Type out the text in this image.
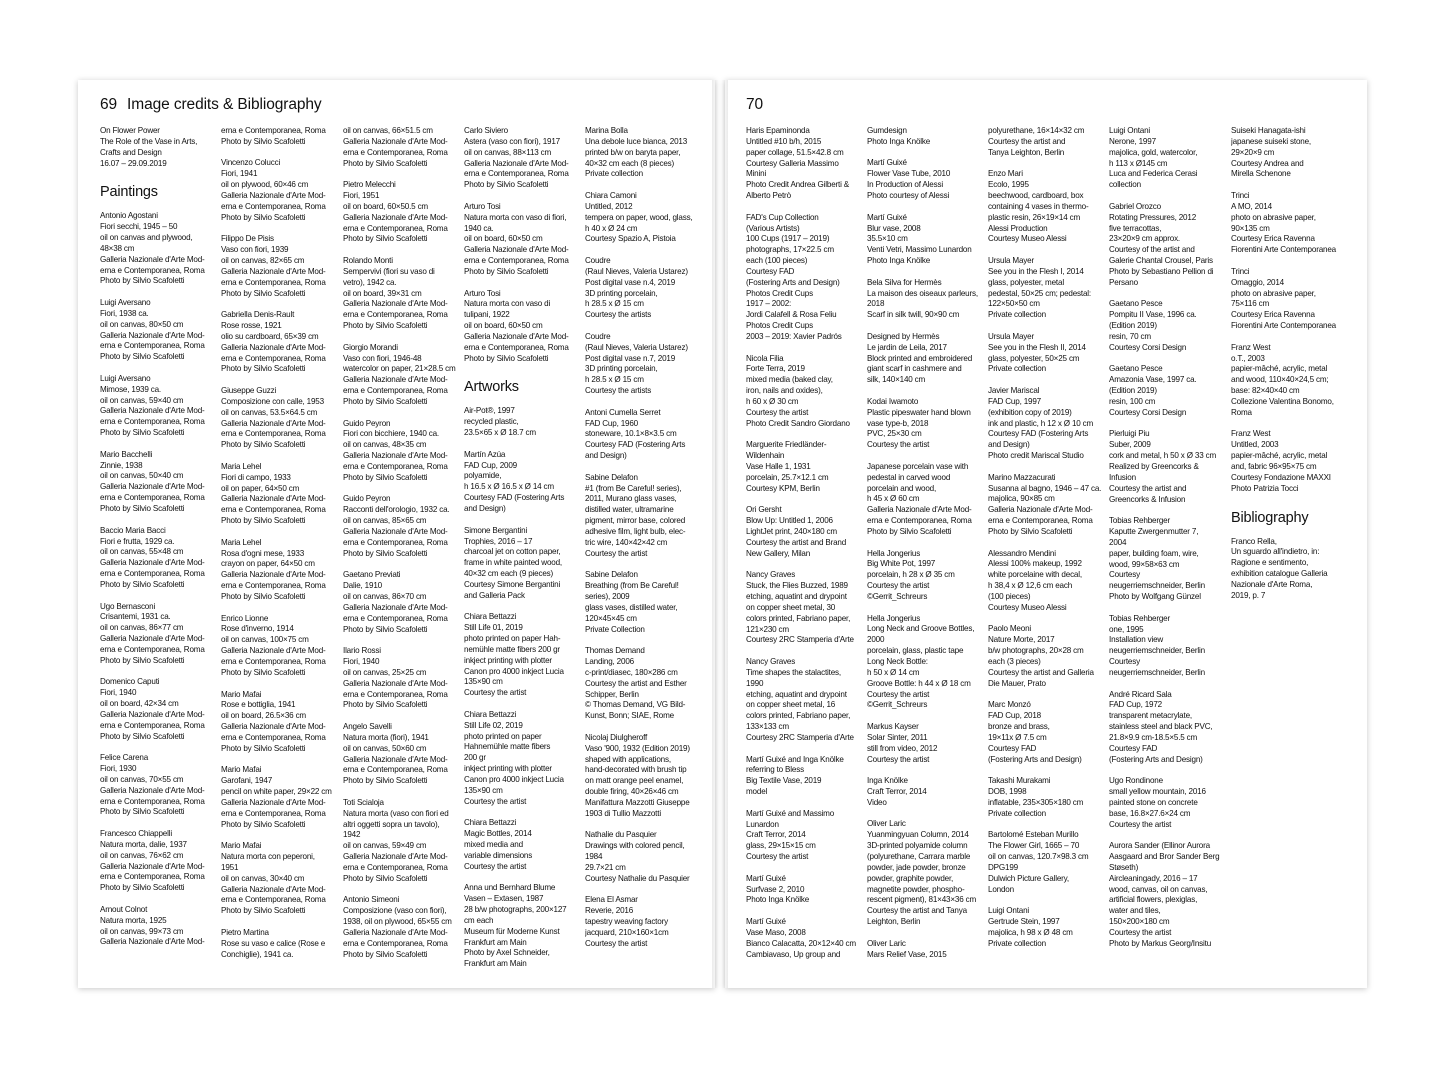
69 Image credits & Bibliography	70
On Flower Power
The Role of the Vase in Arts,
Crafts and Design
16.07 – 29.09.2019
Paintings
Antonio Agostani
Fiori secchi, 1945 – 50
oil on canvas and plywood,
48×38 cm
Galleria Nazionale d'Arte Mod-
erna e Contemporanea, Roma
Photo by Silvio Scafoletti
Luigi Aversano
Fiori, 1938 ca.
oil on canvas, 80×50 cm
Galleria Nazionale d'Arte Mod-
erna e Contemporanea, Roma
Photo by Silvio Scafoletti
Luigi Aversano
Mimose, 1939 ca.
oil on canvas, 59×40 cm
Galleria Nazionale d'Arte Mod-
erna e Contemporanea, Roma
Photo by Silvio Scafoletti
Mario Bacchelli
Zinnie, 1938
oil on canvas, 50×40 cm
Galleria Nazionale d'Arte Mod-
erna e Contemporanea, Roma
Photo by Silvio Scafoletti
Baccio Maria Bacci
Fiori e frutta, 1929 ca.
oil on canvas, 55×48 cm
Galleria Nazionale d'Arte Mod-
erna e Contemporanea, Roma
Photo by Silvio Scafoletti
Ugo Bernasconi
Crisantemi, 1931 ca.
oil on canvas, 86×77 cm
Galleria Nazionale d'Arte Mod-
erna e Contemporanea, Roma
Photo by Silvio Scafoletti
Domenico Caputi
Fiori, 1940
oil on board, 42×34 cm
Galleria Nazionale d'Arte Mod-
erna e Contemporanea, Roma
Photo by Silvio Scafoletti
Felice Carena
Fiori, 1930
oil on canvas, 70×55 cm
Galleria Nazionale d'Arte Mod-
erna e Contemporanea, Roma
Photo by Silvio Scafoletti
Francesco Chiappelli
Natura morta, dalie, 1937
oil on canvas, 76×62 cm
Galleria Nazionale d'Arte Mod-
erna e Contemporanea, Roma
Photo by Silvio Scafoletti
Arnout Colnot
Natura morta, 1925
oil on canvas, 99×73 cm
Galleria Nazionale d'Arte Mod-
erna e Contemporanea, Roma
Photo by Silvio Scafoletti
Vincenzo Colucci
Fiori, 1941
oil on plywood, 60×46 cm
Galleria Nazionale d'Arte Mod-
erna e Contemporanea, Roma
Photo by Silvio Scafoletti
Filippo De Pisis
Vaso con fiori, 1939
oil on canvas, 82×65 cm
Galleria Nazionale d'Arte Mod-
erna e Contemporanea, Roma
Photo by Silvio Scafoletti
Gabriella Denis-Rault
Rose rosse, 1921
olio su cardboard, 65×39 cm
Galleria Nazionale d'Arte Mod-
erna e Contemporanea, Roma
Photo by Silvio Scafoletti
Giuseppe Guzzi
Composizione con calle, 1953
oil on canvas, 53.5×64.5 cm
Galleria Nazionale d'Arte Mod-
erna e Contemporanea, Roma
Photo by Silvio Scafoletti
Maria Lehel
Fiori di campo, 1933
oil on paper, 64×50 cm
Galleria Nazionale d'Arte Mod-
erna e Contemporanea, Roma
Photo by Silvio Scafoletti
Maria Lehel
Rosa d'ogni mese, 1933
crayon on paper, 64×50 cm
Galleria Nazionale d'Arte Mod-
erna e Contemporanea, Roma
Photo by Silvio Scafoletti
Enrico Lionne
Rose d'inverno, 1914
oil on canvas, 100×75 cm
Galleria Nazionale d'Arte Mod-
erna e Contemporanea, Roma
Photo by Silvio Scafoletti
Mario Mafai
Rose e bottiglia, 1941
oil on board, 26.5×36 cm
Galleria Nazionale d'Arte Mod-
erna e Contemporanea, Roma
Photo by Silvio Scafoletti
Mario Mafai
Garofani, 1947
pencil on white paper, 29×22 cm
Galleria Nazionale d'Arte Mod-
erna e Contemporanea, Roma
Photo by Silvio Scafoletti
Mario Mafai
Natura morta con peperoni,
1951
oil on canvas, 30×40 cm
Galleria Nazionale d'Arte Mod-
erna e Contemporanea, Roma
Photo by Silvio Scafoletti
Pietro Martina
Rose su vaso e calice (Rose e
Conchiglie), 1941 ca.
oil on canvas, 66×51.5 cm
Galleria Nazionale d'Arte Mod-
erna e Contemporanea, Roma
Photo by Silvio Scafoletti
Pietro Melecchi
Fiori, 1951
oil on board, 60×50.5 cm
Galleria Nazionale d'Arte Mod-
erna e Contemporanea, Roma
Photo by Silvio Scafoletti
Rolando Monti
Sempervivi (fiori su vaso di
vetro), 1942 ca.
oil on board, 39×31 cm
Galleria Nazionale d'Arte Mod-
erna e Contemporanea, Roma
Photo by Silvio Scafoletti
Giorgio Morandi
Vaso con fiori, 1946-48
watercolor on paper, 21×28.5 cm
Galleria Nazionale d'Arte Mod-
erna e Contemporanea, Roma
Photo by Silvio Scafoletti
Guido Peyron
Fiori con bicchiere, 1940 ca.
oil on canvas, 48×35 cm
Galleria Nazionale d'Arte Mod-
erna e Contemporanea, Roma
Photo by Silvio Scafoletti
Guido Peyron
Racconti dell'orologio, 1932 ca.
oil on canvas, 85×65 cm
Galleria Nazionale d'Arte Mod-
erna e Contemporanea, Roma
Photo by Silvio Scafoletti
Gaetano Previati
Dalie, 1910
oil on canvas, 86×70 cm
Galleria Nazionale d'Arte Mod-
erna e Contemporanea, Roma
Photo by Silvio Scafoletti
Ilario Rossi
Fiori, 1940
oil on canvas, 25×25 cm
Galleria Nazionale d'Arte Mod-
erna e Contemporanea, Roma
Photo by Silvio Scafoletti
Angelo Savelli
Natura morta (fiori), 1941
oil on canvas, 50×60 cm
Galleria Nazionale d'Arte Mod-
erna e Contemporanea, Roma
Photo by Silvio Scafoletti
Toti Scialoja
Natura morta (vaso con fiori ed
altri oggetti sopra un tavolo),
1942
oil on canvas, 59×49 cm
Galleria Nazionale d'Arte Mod-
erna e Contemporanea, Roma
Photo by Silvio Scafoletti
Antonio Simeoni
Composizione (vaso con fiori),
1938, oil on plywood, 65×55 cm
Galleria Nazionale d'Arte Mod-
erna e Contemporanea, Roma
Photo by Silvio Scafoletti
Carlo Siviero
Astera (vaso con fiori), 1917
oil on canvas, 88×113 cm
Galleria Nazionale d'Arte Mod-
erna e Contemporanea, Roma
Photo by Silvio Scafoletti
Arturo Tosi
Natura morta con vaso di fiori,
1940 ca.
oil on board, 60×50 cm
Galleria Nazionale d'Arte Mod-
erna e Contemporanea, Roma
Photo by Silvio Scafoletti
Arturo Tosi
Natura morta con vaso di
tulipani, 1922
oil on board, 60×50 cm
Galleria Nazionale d'Arte Mod-
erna e Contemporanea, Roma
Photo by Silvio Scafoletti
Artworks
Air-Pot®, 1997
recycled plastic,
23.5×65 x Ø 18.7 cm
Martín Azúa
FAD Cup, 2009
polyamide,
h 16.5 x Ø 16.5 x Ø 14 cm
Courtesy FAD (Fostering Arts
and Design)
Simone Bergantini
Trophies, 2016 – 17
charcoal jet on cotton paper,
frame in white painted wood,
40×32 cm each (9 pieces)
Courtesy Simone Bergantini
and Galleria Pack
Chiara Bettazzi
Still Life 01, 2019
photo printed on paper Hah-
nemühle matte fibers 200 gr
inkject printing with plotter
Canon pro 4000 inkject Lucia
135×90 cm
Courtesy the artist
Chiara Bettazzi
Still Life 02, 2019
photo printed on paper
Hahnemühle matte fibers
200 gr
inkject printing with plotter
Canon pro 4000 inkject Lucia
135×90 cm
Courtesy the artist
Chiara Bettazzi
Magic Bottles, 2014
mixed media and
variable dimensions
Courtesy the artist
Anna und Bernhard Blume
Vasen – Extasen, 1987
28 b/w photographs, 200×127
cm each
Museum für Moderne Kunst
Frankfurt am Main
Photo by Axel Schneider,
Frankfurt am Main
Marina Bolla
Una debole luce bianca, 2013
printed b/w on baryta paper,
40×32 cm each (8 pieces)
Private collection
Chiara Camoni
Untitled, 2012
tempera on paper, wood, glass,
h 40 x Ø 24 cm
Courtesy Spazio A, Pistoia
Coudre
(Raul Nieves, Valeria Ustarez)
Post digital vase n.4, 2019
3D printing porcelain,
h 28.5 x Ø 15 cm
Courtesy the artists
Coudre
(Raul Nieves, Valeria Ustarez)
Post digital vase n.7, 2019
3D printing porcelain,
h 28.5 x Ø 15 cm
Courtesy the artists
Antoni Cumella Serret
FAD Cup, 1960
stoneware, 10.1×8×3.5 cm
Courtesy FAD (Fostering Arts
and Design)
Sabine Delafon
#1 (from Be Careful! series),
2011, Murano glass vases,
distilled water, ultramarine
pigment, mirror base, colored
adhesive film, light bulb, elec-
tric wire, 140×42×42 cm
Courtesy the artist
Sabine Delafon
Breathing (from Be Careful!
series), 2009
glass vases, distilled water,
120×45×45 cm
Private Collection
Thomas Demand
Landing, 2006
c-print/diasec, 180×286 cm
Courtesy the artist and Esther
Schipper, Berlin
© Thomas Demand, VG Bild-
Kunst, Bonn; SIAE, Rome
Nicolaj Diulgheroff
Vaso '900, 1932 (Edition 2019)
shaped with applications,
hand-decorated with brush tip
on matt orange peel enamel,
double firing, 40×26×46 cm
Manifattura Mazzotti Giuseppe
1903 di Tullio Mazzotti
Nathalie du Pasquier
Drawings with colored pencil,
1984
29.7×21 cm
Courtesy Nathalie du Pasquier
Elena El Asmar
Reverie, 2016
tapestry weaving factory
jacquard, 210×160×1cm
Courtesy the artist
Haris Epaminonda
Untitled #10 b/h, 2015
paper collage, 51.5×42.8 cm
Courtesy Galleria Massimo
Minini
Photo Credit Andrea Gilberti &
Alberto Petrò
FAD's Cup Collection
(Various Artists)
100 Cups (1917 – 2019)
photographs, 17×22.5 cm
each (100 pieces)
Courtesy FAD
(Fostering Arts and Design)
Photos Credit Cups
1917 – 2002:
Jordi Calafell & Rosa Feliu
Photos Credit Cups
2003 – 2019: Xavier Padrós
Nicola Filia
Forte Terra, 2019
mixed media (baked clay,
iron, nails and oxides),
h 60 x Ø 30 cm
Courtesy the artist
Photo Credit Sandro Giordano
Marguerite Friedländer-
Wildenhain
Vase Halle 1, 1931
porcelain, 25.7×12.1 cm
Courtesy KPM, Berlin
Ori Gersht
Blow Up: Untitled 1, 2006
LightJet print, 240×180 cm
Courtesy the artist and Brand
New Gallery, Milan
Nancy Graves
Stuck, the Flies Buzzed, 1989
etching, aquatint and drypoint
on copper sheet metal, 30
colors printed, Fabriano paper,
121×230 cm
Courtesy 2RC Stamperia d'Arte
Nancy Graves
Time shapes the stalactites,
1990
etching, aquatint and drypoint
on copper sheet metal, 16
colors printed, Fabriano paper,
133×133 cm
Courtesy 2RC Stamperia d'Arte
Martí Guixé and Inga Knölke
referring to Bless
Big Textile Vase, 2019
model
Martí Guixé and Massimo
Lunardon
Craft Terror, 2014
glass, 29×15×15 cm
Courtesy the artist
Martí Guixé
Surfvase 2, 2010
Photo Inga Knölke
Martí Guixé
Vase Maso, 2008
Bianco Calacatta, 20×12×40 cm
Cambiavaso, Up group and
Gumdesign
Photo Inga Knölke
Martí Guixé
Flower Vase Tube, 2010
In Production of Alessi
Photo courtesy of Alessi
Martí Guixé
Blur vase, 2008
35.5×10 cm
Venti Vetri, Massimo Lunardon
Photo Inga Knölke
Bela Silva for Hermès
La maison des oiseaux parleurs,
2018
Scarf in silk twill, 90×90 cm
Designed by Hermès
Le jardin de Leila, 2017
Block printed and embroidered
giant scarf in cashmere and
silk, 140×140 cm
Kodai Iwamoto
Plastic pipeswater hand blown
vase type-b, 2018
PVC, 25×30 cm
Courtesy the artist
Japanese porcelain vase with
pedestal in carved wood
porcelain and wood,
h 45 x Ø 60 cm
Galleria Nazionale d'Arte Mod-
erna e Contemporanea, Roma
Photo by Silvio Scafoletti
Hella Jongerius
Big White Pot, 1997
porcelain, h 28 x Ø 35 cm
Courtesy the artist
©Gerrit_Schreurs
Hella Jongerius
Long Neck and Groove Bottles,
2000
porcelain, glass, plastic tape
Long Neck Bottle:
h 50 x Ø 14 cm
Groove Bottle: h 44 x Ø 18 cm
Courtesy the artist
©Gerrit_Schreurs
Markus Kayser
Solar Sinter, 2011
still from video, 2012
Courtesy the artist
Inga Knölke
Craft Terror, 2014
Video
Oliver Laric
Yuanmingyuan Column, 2014
3D-printed polyamide column
(polyurethane, Carrara marble
powder, jade powder, bronze
powder, graphite powder,
magnetite powder, phospho-
rescent pigment), 81×43×36 cm
Courtesy the artist and Tanya
Leighton, Berlin
Oliver Laric
Mars Relief Vase, 2015
polyurethane, 16×14×32 cm
Courtesy the artist and
Tanya Leighton, Berlin
Enzo Mari
Ecolo, 1995
beechwood, cardboard, box
containing 4 vases in thermo-
plastic resin, 26×19×14 cm
Alessi Production
Courtesy Museo Alessi
Ursula Mayer
See you in the Flesh I, 2014
glass, polyester, metal
pedestal, 50×25 cm; pedestal:
122×50×50 cm
Private collection
Ursula Mayer
See you in the Flesh II, 2014
glass, polyester, 50×25 cm
Private collection
Javier Mariscal
FAD Cup, 1997
(exhibition copy of 2019)
ink and plastic, h 12 x Ø 10 cm
Courtesy FAD (Fostering Arts
and Design)
Photo credit Mariscal Studio
Marino Mazzacurati
Susanna al bagno, 1946 – 47 ca.
majolica, 90×85 cm
Galleria Nazionale d'Arte Mod-
erna e Contemporanea, Roma
Photo by Silvio Scafoletti
Alessandro Mendini
Alessi 100% makeup, 1992
white porcelaine with decal,
h 38,4 x Ø 12,6 cm each
(100 pieces)
Courtesy Museo Alessi
Paolo Meoni
Nature Morte, 2017
b/w photographs, 20×28 cm
each (3 pieces)
Courtesy the artist and Galleria
Die Mauer, Prato
Marc Monzó
FAD Cup, 2018
bronze and brass,
19×11x Ø 7.5 cm
Courtesy FAD
(Fostering Arts and Design)
Takashi Murakami
DOB, 1998
inflatable, 235×305×180 cm
Private collection
Bartolomé Esteban Murillo
The Flower Girl, 1665 – 70
oil on canvas, 120.7×98.3 cm
DPG199
Dulwich Picture Gallery,
London
Luigi Ontani
Gertrude Stein, 1997
majolica, h 98 x Ø 48 cm
Private collection
Luigi Ontani
Nerone, 1997
majolica, gold, watercolor,
h 113 x Ø145 cm
Luca and Federica Cerasi
collection
Gabriel Orozco
Rotating Pressures, 2012
five terracottas,
23×20×9 cm approx.
Courtesy of the artist and
Galerie Chantal Crousel, Paris
Photo by Sebastiano Pellion di
Persano
Gaetano Pesce
Pompitu II Vase, 1996 ca.
(Edition 2019)
resin, 70 cm
Courtesy Corsi Design
Gaetano Pesce
Amazonia Vase, 1997 ca.
(Edition 2019)
resin, 100 cm
Courtesy Corsi Design
Pierluigi Piu
Suber, 2009
cork and metal, h 50 x Ø 33 cm
Realized by Greencorks &
Infusion
Courtesy the artist and
Greencorks & Infusion
Tobias Rehberger
Kaputte Zwergenmutter 7,
2004
paper, building foam, wire,
wood, 99×58×63 cm
Courtesy
neugerriemschneider, Berlin
Photo by Wolfgang Günzel
Tobias Rehberger
one, 1995
Installation view
neugerriemschneider, Berlin
Courtesy
neugerriemschneider, Berlin
André Ricard Sala
FAD Cup, 1972
transparent metacrylate,
stainless steel and black PVC,
21.8×9.9 cm-18.5×5.5 cm
Courtesy FAD
(Fostering Arts and Design)
Ugo Rondinone
small yellow mountain, 2016
painted stone on concrete
base, 16.8×27.6×24 cm
Courtesy the artist
Aurora Sander (Ellinor Aurora
Aasgaard and Bror Sander Berg
Støseth)
Aircleaningady, 2016 – 17
wood, canvas, oil on canvas,
artificial flowers, plexiglas,
water and tiles,
150×200×180 cm
Courtesy the artist
Photo by Markus Georg/Insitu
Suiseki Hanagata-ishi
japanese suiseki stone,
29×20×9 cm
Courtesy Andrea and
Mirella Schenone
Trinci
A MO, 2014
photo on abrasive paper,
90×135 cm
Courtesy Erica Ravenna
Fiorentini Arte Contemporanea
Trinci
Omaggio, 2014
photo on abrasive paper,
75×116 cm
Courtesy Erica Ravenna
Fiorentini Arte Contemporanea
Franz West
o.T., 2003
papier-mâché, acrylic, metal
and wood, 110×40×24,5 cm;
base: 82×40×40 cm
Collezione Valentina Bonomo,
Roma
Franz West
Untitled, 2003
papier-mâché, acrylic, metal
and, fabric 96×95×75 cm
Courtesy Fondazione MAXXI
Photo Patrizia Tocci
Bibliography
Franco Rella,
Un sguardo all'indietro, in:
Ragione e sentimento,
exhibition catalogue Galleria
Nazionale d'Arte Roma,
2019, p. 7
